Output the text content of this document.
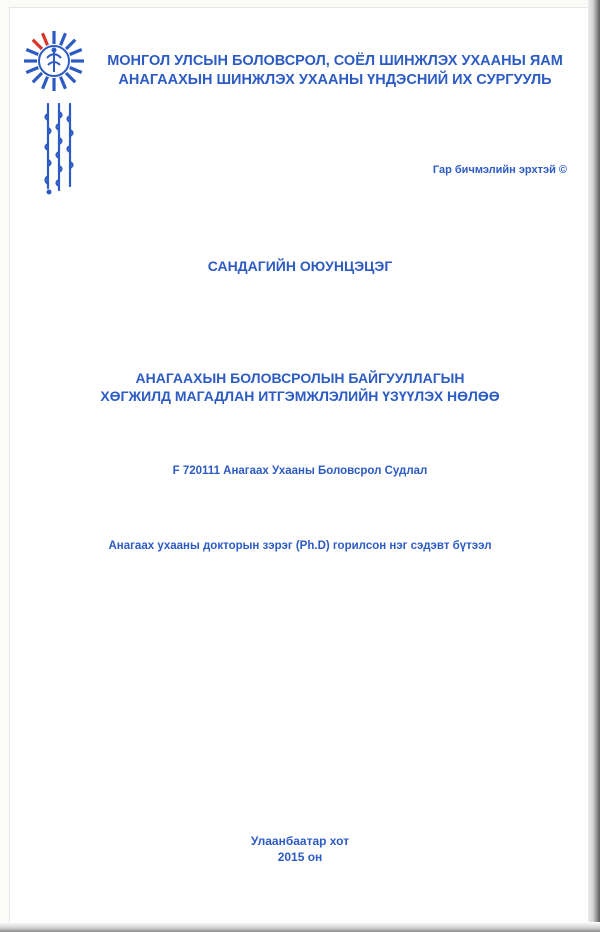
МОНГОЛ УЛСЫН БОЛОВСРОЛ, СОЁЛ ШИНЖЛЭХ УХААНЫ ЯАМ
АНАГААХЫН ШИНЖЛЭХ УХААНЫ ҮНДЭСНИЙ ИХ СУРГУУЛЬ
Гар бичмэлийн эрхтэй ©
САНДАГИЙН ОЮУНЦЭЦЭГ
АНАГААХЫН БОЛОВСРОЛЫН БАЙГУУЛЛАГЫН
ХӨГЖИЛД МАГАДЛАН ИТГЭМЖЛЭЛИЙН ҮЗҮҮЛЭХ НӨЛӨӨ
F 720111 Анагаах Ухааны Боловсрол Судлал
Анагаах ухааны докторын зэрэг (Ph.D) горилсон нэг сэдэвт бүтээл
Улаанбаатар хот
2015 он
